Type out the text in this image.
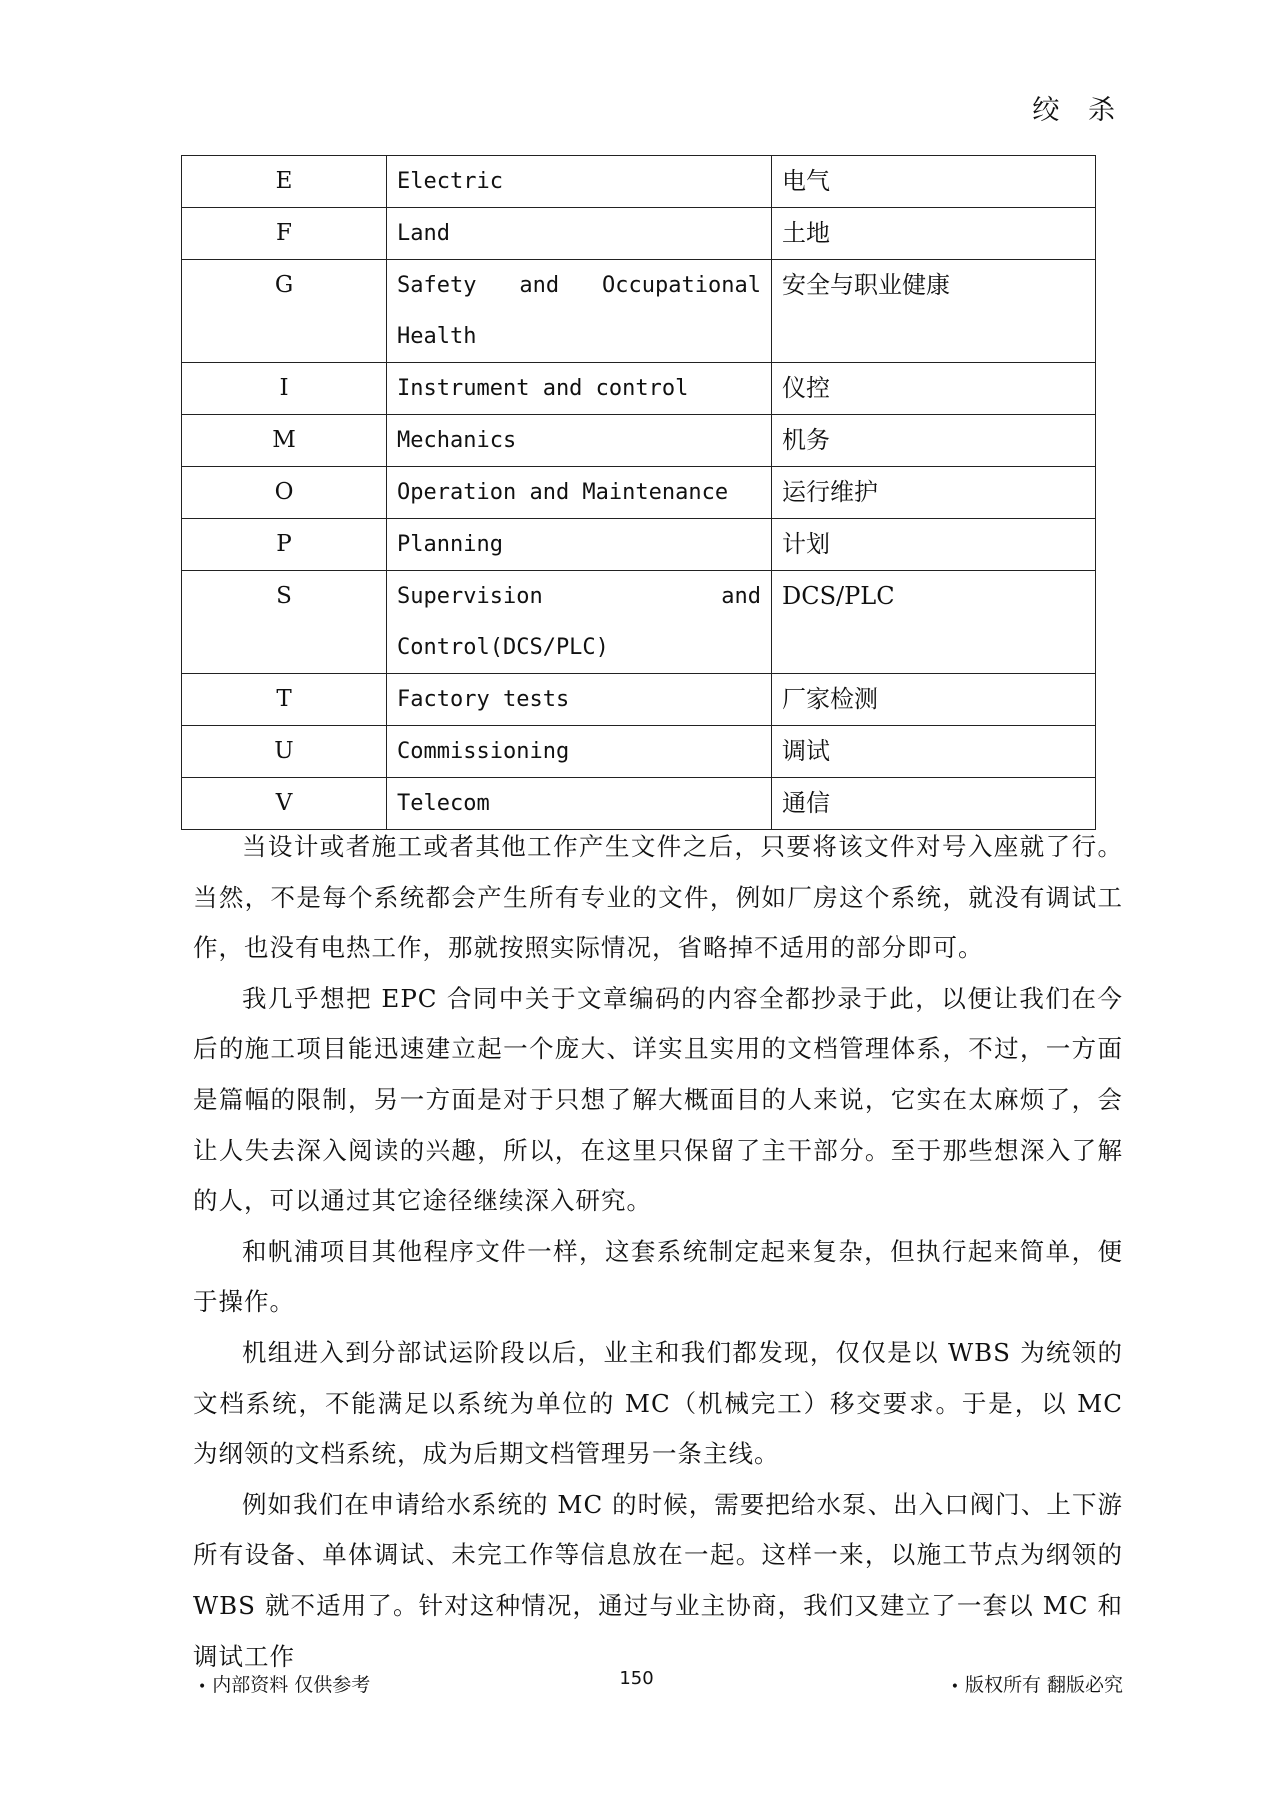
绞 杀
E	Electric	电气
F	Land	土地
G	Safety and Occupational Health	安全与职业健康
I	Instrument and control	仪控
M	Mechanics	机务
O	Operation and Maintenance	运行维护
P	Planning	计划
S	Supervision and Control(DCS/PLC)	DCS/PLC
T	Factory tests	厂家检测
U	Commissioning	调试
V	Telecom	通信

当设计或者施工或者其他工作产生文件之后，只要将该文件对号入座就了行。当然，不是每个系统都会产生所有专业的文件，例如厂房这个系统，就没有调试工作，也没有电热工作，那就按照实际情况，省略掉不适用的部分即可。

我几乎想把 EPC 合同中关于文章编码的内容全都抄录于此，以便让我们在今后的施工项目能迅速建立起一个庞大、详实且实用的文档管理体系，不过，一方面是篇幅的限制，另一方面是对于只想了解大概面目的人来说，它实在太麻烦了，会让人失去深入阅读的兴趣，所以，在这里只保留了主干部分。至于那些想深入了解的人，可以通过其它途径继续深入研究。

和帆浦项目其他程序文件一样，这套系统制定起来复杂，但执行起来简单，便于操作。

机组进入到分部试运阶段以后，业主和我们都发现，仅仅是以 WBS 为统领的文档系统，不能满足以系统为单位的 MC（机械完工）移交要求。于是，以 MC 为纲领的文档系统，成为后期文档管理另一条主线。

例如我们在申请给水系统的 MC 的时候，需要把给水泵、出入口阀门、上下游所有设备、单体调试、未完工作等信息放在一起。这样一来，以施工节点为纲领的 WBS 就不适用了。针对这种情况，通过与业主协商，我们又建立了一套以 MC 和调试工作

• 内部资料 仅供参考	150	• 版权所有 翻版必究
